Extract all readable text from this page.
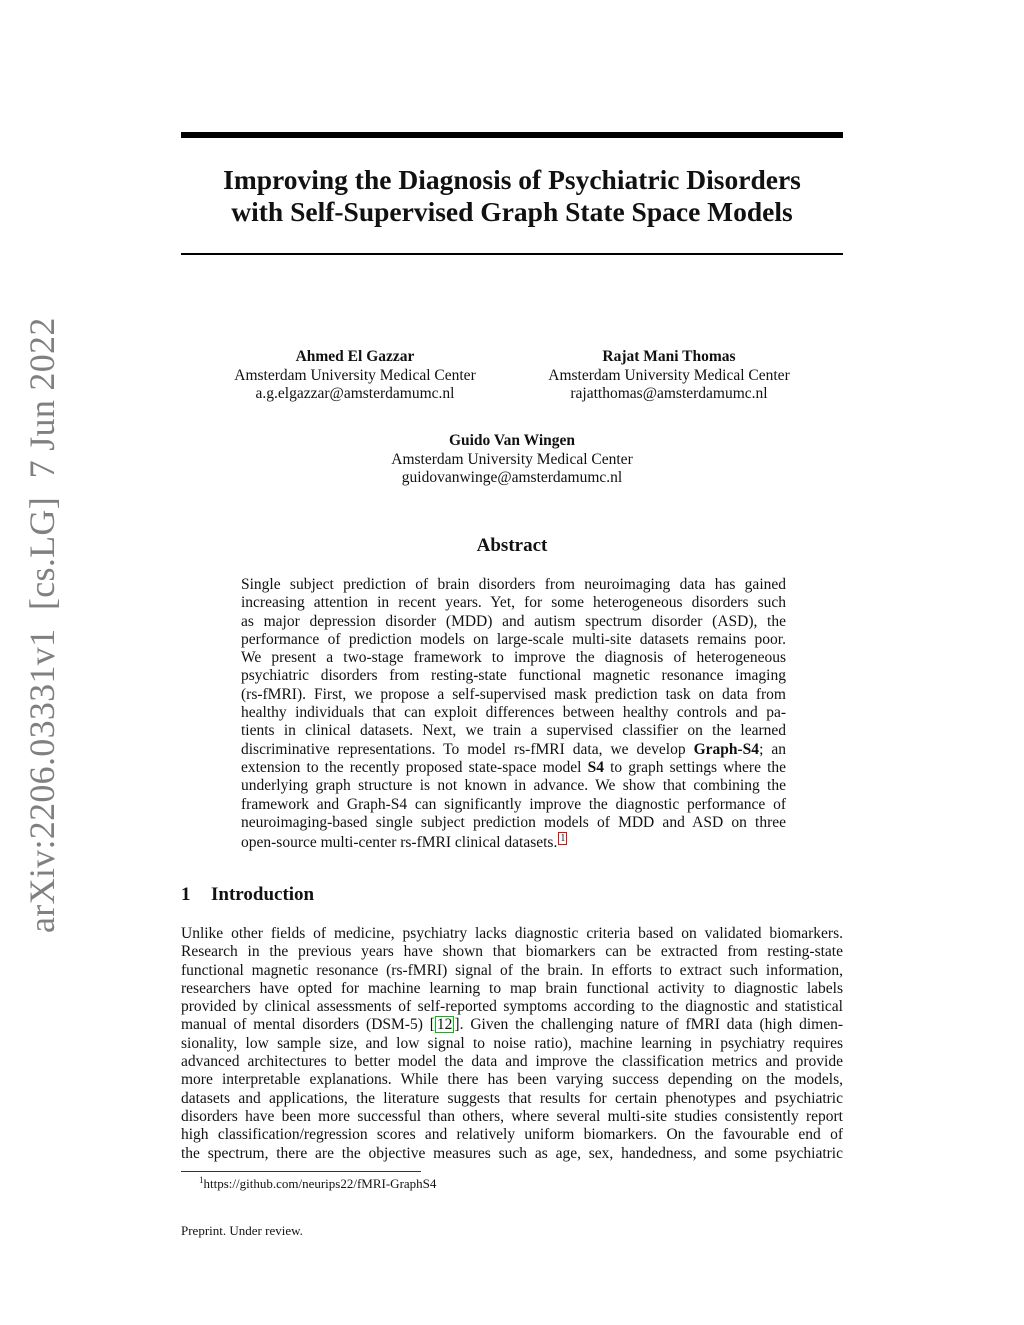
arXiv:2206.03331v1  [cs.LG]  7 Jun 2022
Improving the Diagnosis of Psychiatric Disorders
with Self-Supervised Graph State Space Models
Ahmed El Gazzar
Amsterdam University Medical Center
a.g.elgazzar@amsterdamumc.nl
Rajat Mani Thomas
Amsterdam University Medical Center
rajatthomas@amsterdamumc.nl
Guido Van Wingen
Amsterdam University Medical Center
guidovanwinge@amsterdamumc.nl
Abstract
Single subject prediction of brain disorders from neuroimaging data has gained
increasing attention in recent years. Yet, for some heterogeneous disorders such
as major depression disorder (MDD) and autism spectrum disorder (ASD), the
performance of prediction models on large-scale multi-site datasets remains poor.
We present a two-stage framework to improve the diagnosis of heterogeneous
psychiatric disorders from resting-state functional magnetic resonance imaging
(rs-fMRI). First, we propose a self-supervised mask prediction task on data from
healthy individuals that can exploit differences between healthy controls and pa-
tients in clinical datasets. Next, we train a supervised classifier on the learned
discriminative representations. To model rs-fMRI data, we develop Graph-S4; an
extension to the recently proposed state-space model S4 to graph settings where the
underlying graph structure is not known in advance. We show that combining the
framework and Graph-S4 can significantly improve the diagnostic performance of
neuroimaging-based single subject prediction models of MDD and ASD on three
open-source multi-center rs-fMRI clinical datasets. 1
1 Introduction
Unlike other fields of medicine, psychiatry lacks diagnostic criteria based on validated biomarkers.
Research in the previous years have shown that biomarkers can be extracted from resting-state
functional magnetic resonance (rs-fMRI) signal of the brain. In efforts to extract such information,
researchers have opted for machine learning to map brain functional activity to diagnostic labels
provided by clinical assessments of self-reported symptoms according to the diagnostic and statistical
manual of mental disorders (DSM-5) [ 12 ]. Given the challenging nature of fMRI data (high dimen-
sionality, low sample size, and low signal to noise ratio), machine learning in psychiatry requires
advanced architectures to better model the data and improve the classification metrics and provide
more interpretable explanations. While there has been varying success depending on the models,
datasets and applications, the literature suggests that results for certain phenotypes and psychiatric
disorders have been more successful than others, where several multi-site studies consistently report
high classification/regression scores and relatively uniform biomarkers. On the favourable end of
the spectrum, there are the objective measures such as age, sex, handedness, and some psychiatric
$^1$https://github.com/neurips22/fMRI-GraphS4
Preprint. Under review.
